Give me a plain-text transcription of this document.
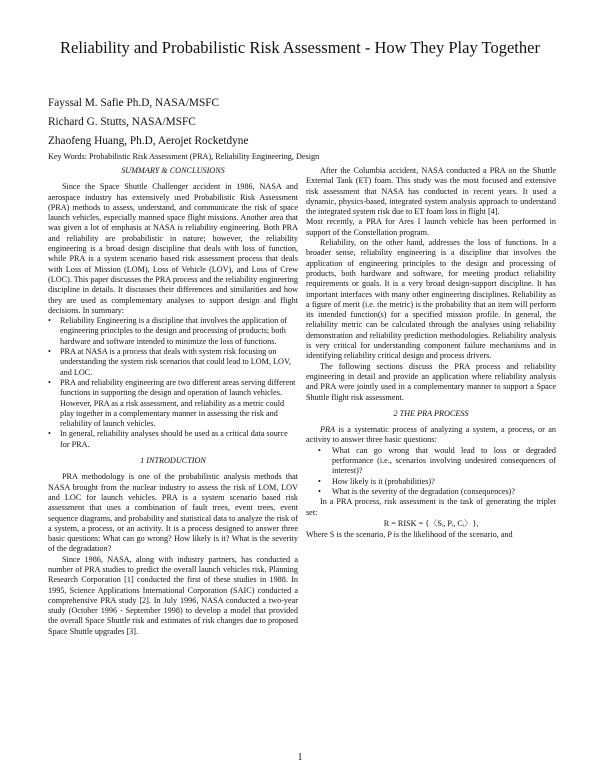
Reliability and Probabilistic Risk Assessment - How They Play Together
Fayssal M. Safie Ph.D, NASA/MSFC
Richard G. Stutts, NASA/MSFC
Zhaofeng Huang, Ph.D, Aerojet Rocketdyne
Key Words: Probabilistic Risk Assessment (PRA), Reliability Engineering, Design
SUMMARY & CONCLUSIONS

Since the Space Shuttle Challenger accident in 1986, NASA and aerospace industry has extensively used Probabilistic Risk Assessment (PRA) methods to assess, understand, and communicate the risk of space launch vehicles, especially manned space flight missions. Another area that was given a lot of emphasis at NASA is reliability engineering. Both PRA and reliability are probabilistic in nature; however, the reliability engineering is a broad design discipline that deals with loss of function, while PRA is a system scenario based risk assessment process that deals with Loss of Mission (LOM), Loss of Vehicle (LOV), and Loss of Crew (LOC). This paper discusses the PRA process and the reliability engineering discipline in details. It discusses their differences and similarities and how they are used as complementary analyses to support design and flight decisions. In summary:

• Reliability Engineering is a discipline that involves the application of engineering principles to the design and processing of products; both hardware and software intended to minimize the loss of functions.
• PRA at NASA is a process that deals with system risk focusing on understanding the system risk scenarios that could lead to LOM, LOV, and LOC.
• PRA and reliability engineering are two different areas serving different functions in supporting the design and operation of launch vehicles. However, PRA as a risk assessment, and reliability as a metric could play together in a complementary manner in assessing the risk and reliability of launch vehicles.
• In general, reliability analyses should be used as a critical data source for PRA.
1 INTRODUCTION

PRA methodology is one of the probabilistic analysis methods that NASA brought from the nuclear industry to assess the risk of LOM, LOV and LOC for launch vehicles. PRA is a system scenario based risk assessment that uses a combination of fault trees, event trees, event sequence diagrams, and probability and statistical data to analyze the risk of a system, a process, or an activity. It is a process designed to answer three basic questions: What can go wrong? How likely is it? What is the severity of the degradation?

Since 1986, NASA, along with industry partners, has conducted a number of PRA studies to predict the overall launch vehicles risk. Planning Research Corporation [1] conducted the first of these studies in 1988. In 1995, Science Applications International Corporation (SAIC) conducted a comprehensive PRA study [2]. In July 1996, NASA conducted a two-year study (October 1996 - September 1998) to develop a model that provided the overall Space Shuttle risk and estimates of risk changes due to proposed Space Shuttle upgrades [3].

After the Columbia accident, NASA conducted a PRA on the Shuttle External Tank (ET) foam. This study was the most focused and extensive risk assessment that NASA has conducted in recent years. It used a dynamic, physics-based, integrated system analysis approach to understand the integrated system risk due to ET foam loss in flight [4].

Most recently, a PRA for Ares I launch vehicle has been performed in support of the Constellation program.

Reliability, on the other hand, addresses the loss of functions. In a broader sense, reliability engineering is a discipline that involves the application of engineering principles to the design and processing of products, both hardware and software, for meeting product reliability requirements or goals. It is a very broad design-support discipline. It has important interfaces with many other engineering disciplines. Reliability as a figure of merit (i.e. the metric) is the probability that an item will perform its intended function(s) for a specified mission profile. In general, the reliability metric can be calculated through the analyses using reliability demonstration and reliability prediction methodologies. Reliability analysis is very critical for understanding component failure mechanisms and in identifying reliability critical design and process drivers.

The following sections discuss the PRA process and reliability engineering in detail and provide an application where reliability analysis and PRA were jointly used in a complementary manner to support a Space Shuttle flight risk assessment.

2 THE PRA PROCESS

PRA is a systematic process of analyzing a system, a process, or an activity to answer three basic questions:

• What can go wrong that would lead to loss or degraded performance (i.e., scenarios involving undesired consequences of interest)?
• How likely is it (probabilities)?
• What is the severity of the degradation (consequences)?

In a PRA process, risk assessment is the task of generating the triplet set:

R = RISK = {〈Sᵢ, Pᵢ, Cᵢ〉},

Where S is the scenario, P is the likelihood of the scenario, and

1
